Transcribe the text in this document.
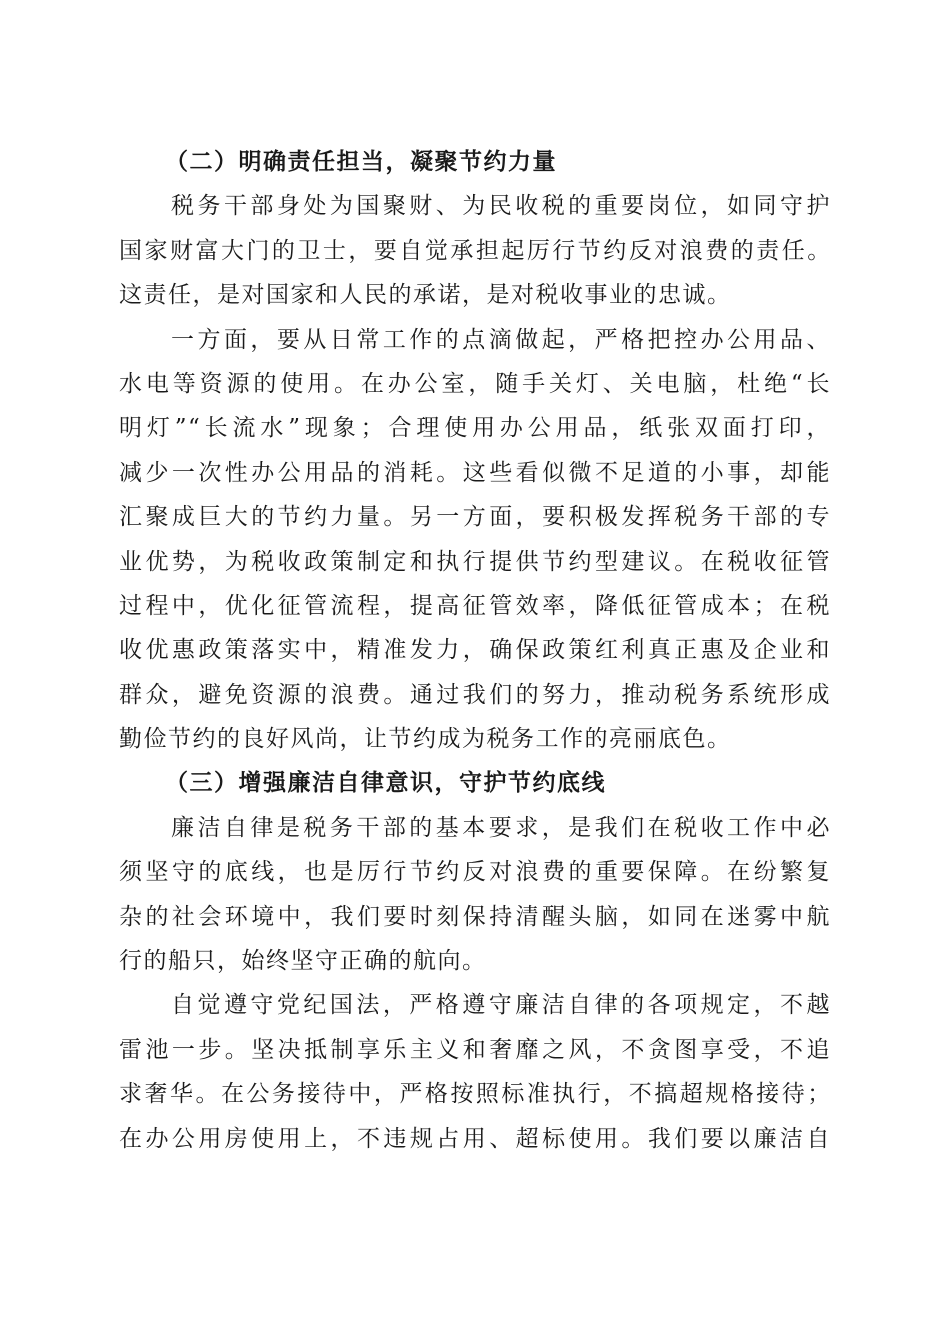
（二）明确责任担当，凝聚节约力量
税务干部身处为国聚财、为民收税的重要岗位，如同守护
国家财富大门的卫士，要自觉承担起厉行节约反对浪费的责任。
这责任，是对国家和人民的承诺，是对税收事业的忠诚。
一方面，要从日常工作的点滴做起，严格把控办公用品、
水电等资源的使用。在办公室，随手关灯、关电脑，杜绝“长
明灯”“长流水”现象；合理使用办公用品，纸张双面打印，
减少一次性办公用品的消耗。这些看似微不足道的小事，却能
汇聚成巨大的节约力量。另一方面，要积极发挥税务干部的专
业优势，为税收政策制定和执行提供节约型建议。在税收征管
过程中，优化征管流程，提高征管效率，降低征管成本；在税
收优惠政策落实中，精准发力，确保政策红利真正惠及企业和
群众，避免资源的浪费。通过我们的努力，推动税务系统形成
勤俭节约的良好风尚，让节约成为税务工作的亮丽底色。
（三）增强廉洁自律意识，守护节约底线
廉洁自律是税务干部的基本要求，是我们在税收工作中必
须坚守的底线，也是厉行节约反对浪费的重要保障。在纷繁复
杂的社会环境中，我们要时刻保持清醒头脑，如同在迷雾中航
行的船只，始终坚守正确的航向。
自觉遵守党纪国法，严格遵守廉洁自律的各项规定，不越
雷池一步。坚决抵制享乐主义和奢靡之风，不贪图享受，不追
求奢华。在公务接待中，严格按照标准执行，不搞超规格接待；
在办公用房使用上，不违规占用、超标使用。我们要以廉洁自
